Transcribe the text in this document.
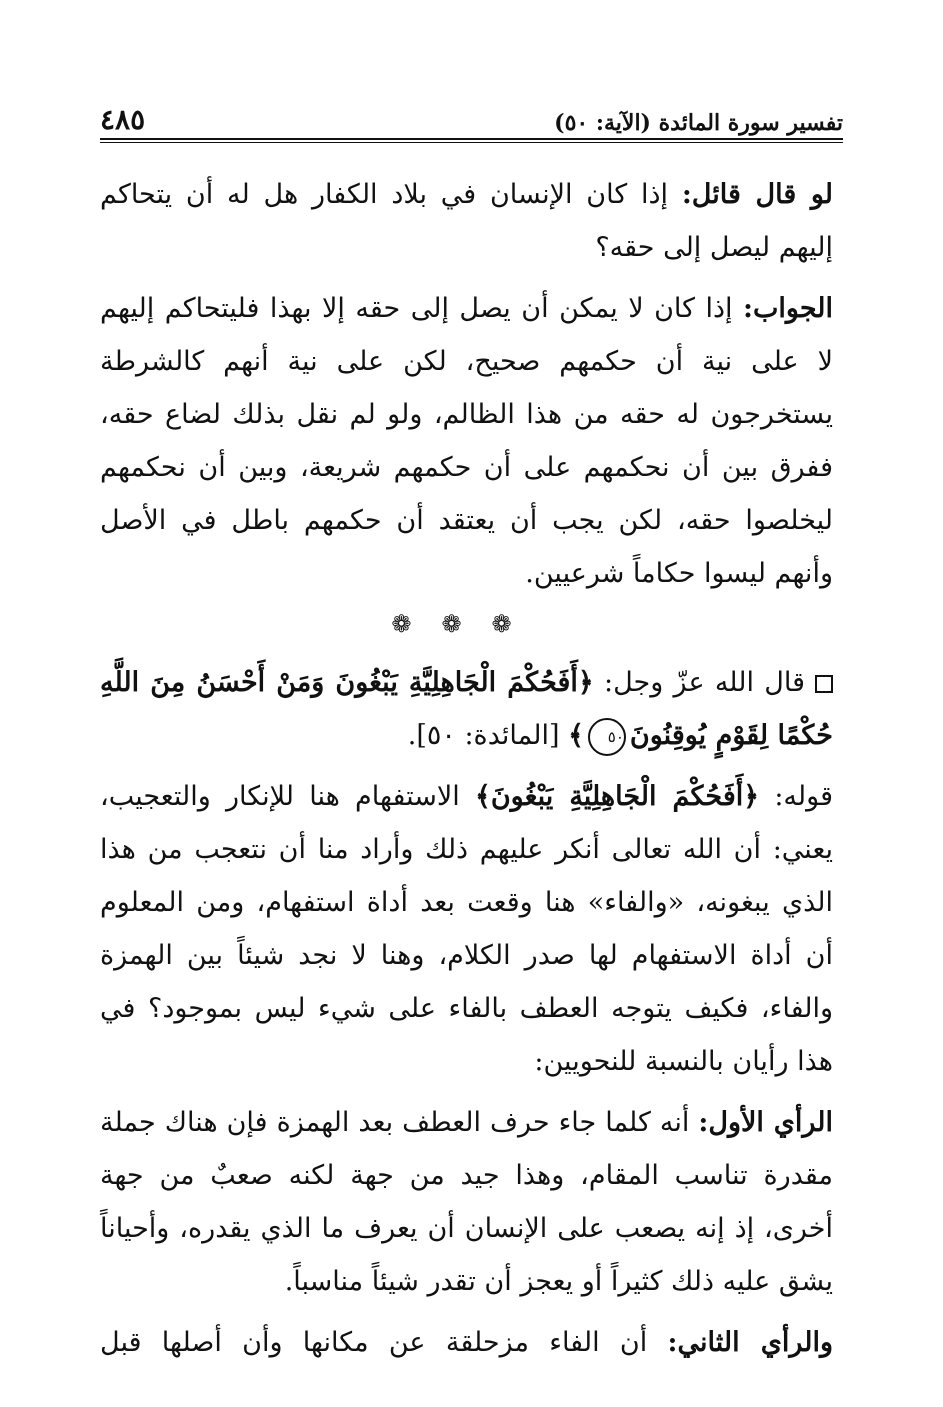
تفسير سورة المائدة (الآية: ٥٠)
٤٨٥

لو قال قائل: إذا كان الإنسان في بلاد الكفار هل له أن يتحاكم إليهم ليصل إلى حقه؟

الجواب: إذا كان لا يمكن أن يصل إلى حقه إلا بهذا فليتحاكم إليهم لا على نية أن حكمهم صحيح، لكن على نية أنهم كالشرطة يستخرجون له حقه من هذا الظالم، ولو لم نقل بذلك لضاع حقه، ففرق بين أن نحكمهم على أن حكمهم شريعة، وبين أن نحكمهم ليخلصوا حقه، لكن يجب أن يعتقد أن حكمهم باطل في الأصل وأنهم ليسوا حكاماً شرعيين.

❁❁❁

قال الله عزّ وجل: ﴿أَفَحُكْمَ الْجَاهِلِيَّةِ يَبْغُونَ وَمَنْ أَحْسَنُ مِنَ اللَّهِ حُكْمًا لِقَوْمٍ يُوقِنُونَ٥٠﴾ [المائدة: ٥٠].

قوله: ﴿أَفَحُكْمَ الْجَاهِلِيَّةِ يَبْغُونَ﴾ الاستفهام هنا للإنكار والتعجيب، يعني: أن الله تعالى أنكر عليهم ذلك وأراد منا أن نتعجب من هذا الذي يبغونه، «والفاء» هنا وقعت بعد أداة استفهام، ومن المعلوم أن أداة الاستفهام لها صدر الكلام، وهنا لا نجد شيئاً بين الهمزة والفاء، فكيف يتوجه العطف بالفاء على شيء ليس بموجود؟ في هذا رأيان بالنسبة للنحويين:

الرأي الأول: أنه كلما جاء حرف العطف بعد الهمزة فإن هناك جملة مقدرة تناسب المقام، وهذا جيد من جهة لكنه صعبٌ من جهة أخرى، إذ إنه يصعب على الإنسان أن يعرف ما الذي يقدره، وأحياناً يشق عليه ذلك كثيراً أو يعجز أن تقدر شيئاً مناسباً.

والرأي الثاني: أن الفاء مزحلقة عن مكانها وأن أصلها قبل
